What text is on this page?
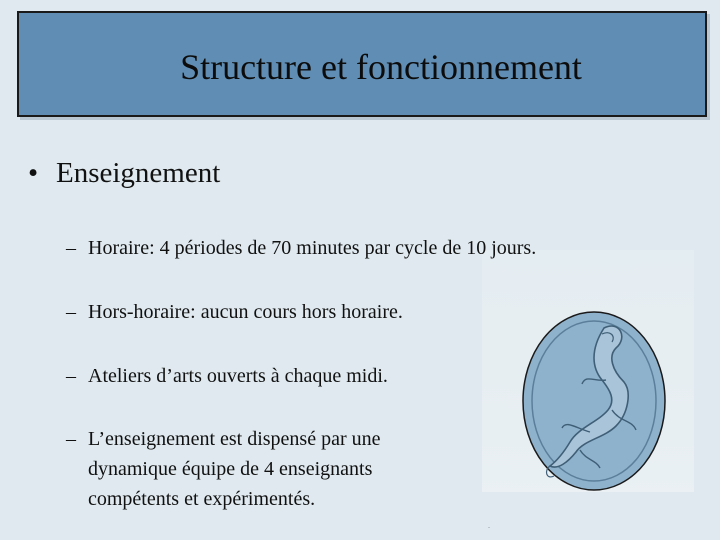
Structure et fonctionnement
• Enseignement
– Horaire: 4 périodes de 70 minutes par cycle de 10 jours.
– Hors-horaire: aucun cours hors horaire.
– Ateliers d’arts ouverts à chaque midi.
– L’enseignement est dispensé par une
dynamique équipe de 4 enseignants
compétents et expérimentés.
.
